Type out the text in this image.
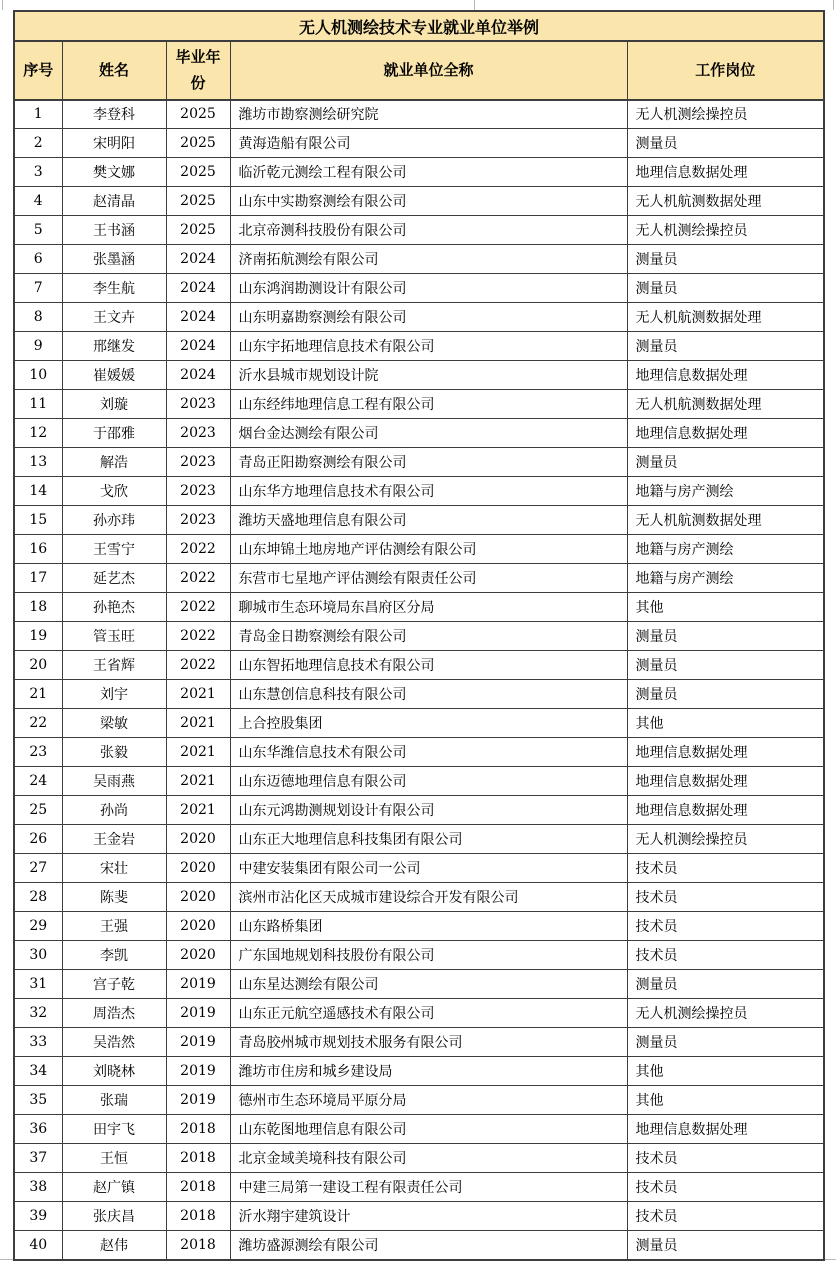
无人机测绘技术专业就业单位举例				
序号	姓名	毕业年份	就业单位全称	工作岗位
1	李登科	2025	潍坊市勘察测绘研究院	无人机测绘操控员
2	宋明阳	2025	黄海造船有限公司	测量员
3	樊文娜	2025	临沂乾元测绘工程有限公司	地理信息数据处理
4	赵清晶	2025	山东中实勘察测绘有限公司	无人机航测数据处理
5	王书涵	2025	北京帝测科技股份有限公司	无人机测绘操控员
6	张墨涵	2024	济南拓航测绘有限公司	测量员
7	李生航	2024	山东鸿润勘测设计有限公司	测量员
8	王文卉	2024	山东明嘉勘察测绘有限公司	无人机航测数据处理
9	邢继发	2024	山东宇拓地理信息技术有限公司	测量员
10	崔媛媛	2024	沂水县城市规划设计院	地理信息数据处理
11	刘璇	2023	山东经纬地理信息工程有限公司	无人机航测数据处理
12	于邵雅	2023	烟台金达测绘有限公司	地理信息数据处理
13	解浩	2023	青岛正阳勘察测绘有限公司	测量员
14	戈欣	2023	山东华方地理信息技术有限公司	地籍与房产测绘
15	孙亦玮	2023	潍坊天盛地理信息有限公司	无人机航测数据处理
16	王雪宁	2022	山东坤锦土地房地产评估测绘有限公司	地籍与房产测绘
17	延艺杰	2022	东营市七星地产评估测绘有限责任公司	地籍与房产测绘
18	孙艳杰	2022	聊城市生态环境局东昌府区分局	其他
19	管玉旺	2022	青岛金日勘察测绘有限公司	测量员
20	王省辉	2022	山东智拓地理信息技术有限公司	测量员
21	刘宇	2021	山东慧创信息科技有限公司	测量员
22	梁敏	2021	上合控股集团	其他
23	张毅	2021	山东华潍信息技术有限公司	地理信息数据处理
24	吴雨燕	2021	山东迈德地理信息有限公司	地理信息数据处理
25	孙尚	2021	山东元鸿勘测规划设计有限公司	地理信息数据处理
26	王金岩	2020	山东正大地理信息科技集团有限公司	无人机测绘操控员
27	宋壮	2020	中建安装集团有限公司一公司	技术员
28	陈斐	2020	滨州市沾化区天成城市建设综合开发有限公司	技术员
29	王强	2020	山东路桥集团	技术员
30	李凯	2020	广东国地规划科技股份有限公司	技术员
31	宫子乾	2019	山东星达测绘有限公司	测量员
32	周浩杰	2019	山东正元航空遥感技术有限公司	无人机测绘操控员
33	吴浩然	2019	青岛胶州城市规划技术服务有限公司	测量员
34	刘晓林	2019	潍坊市住房和城乡建设局	其他
35	张瑞	2019	德州市生态环境局平原分局	其他
36	田宇飞	2018	山东乾图地理信息有限公司	地理信息数据处理
37	王恒	2018	北京金域美境科技有限公司	技术员
38	赵广镇	2018	中建三局第一建设工程有限责任公司	技术员
39	张庆昌	2018	沂水翔宇建筑设计	技术员
40	赵伟	2018	潍坊盛源测绘有限公司	测量员
